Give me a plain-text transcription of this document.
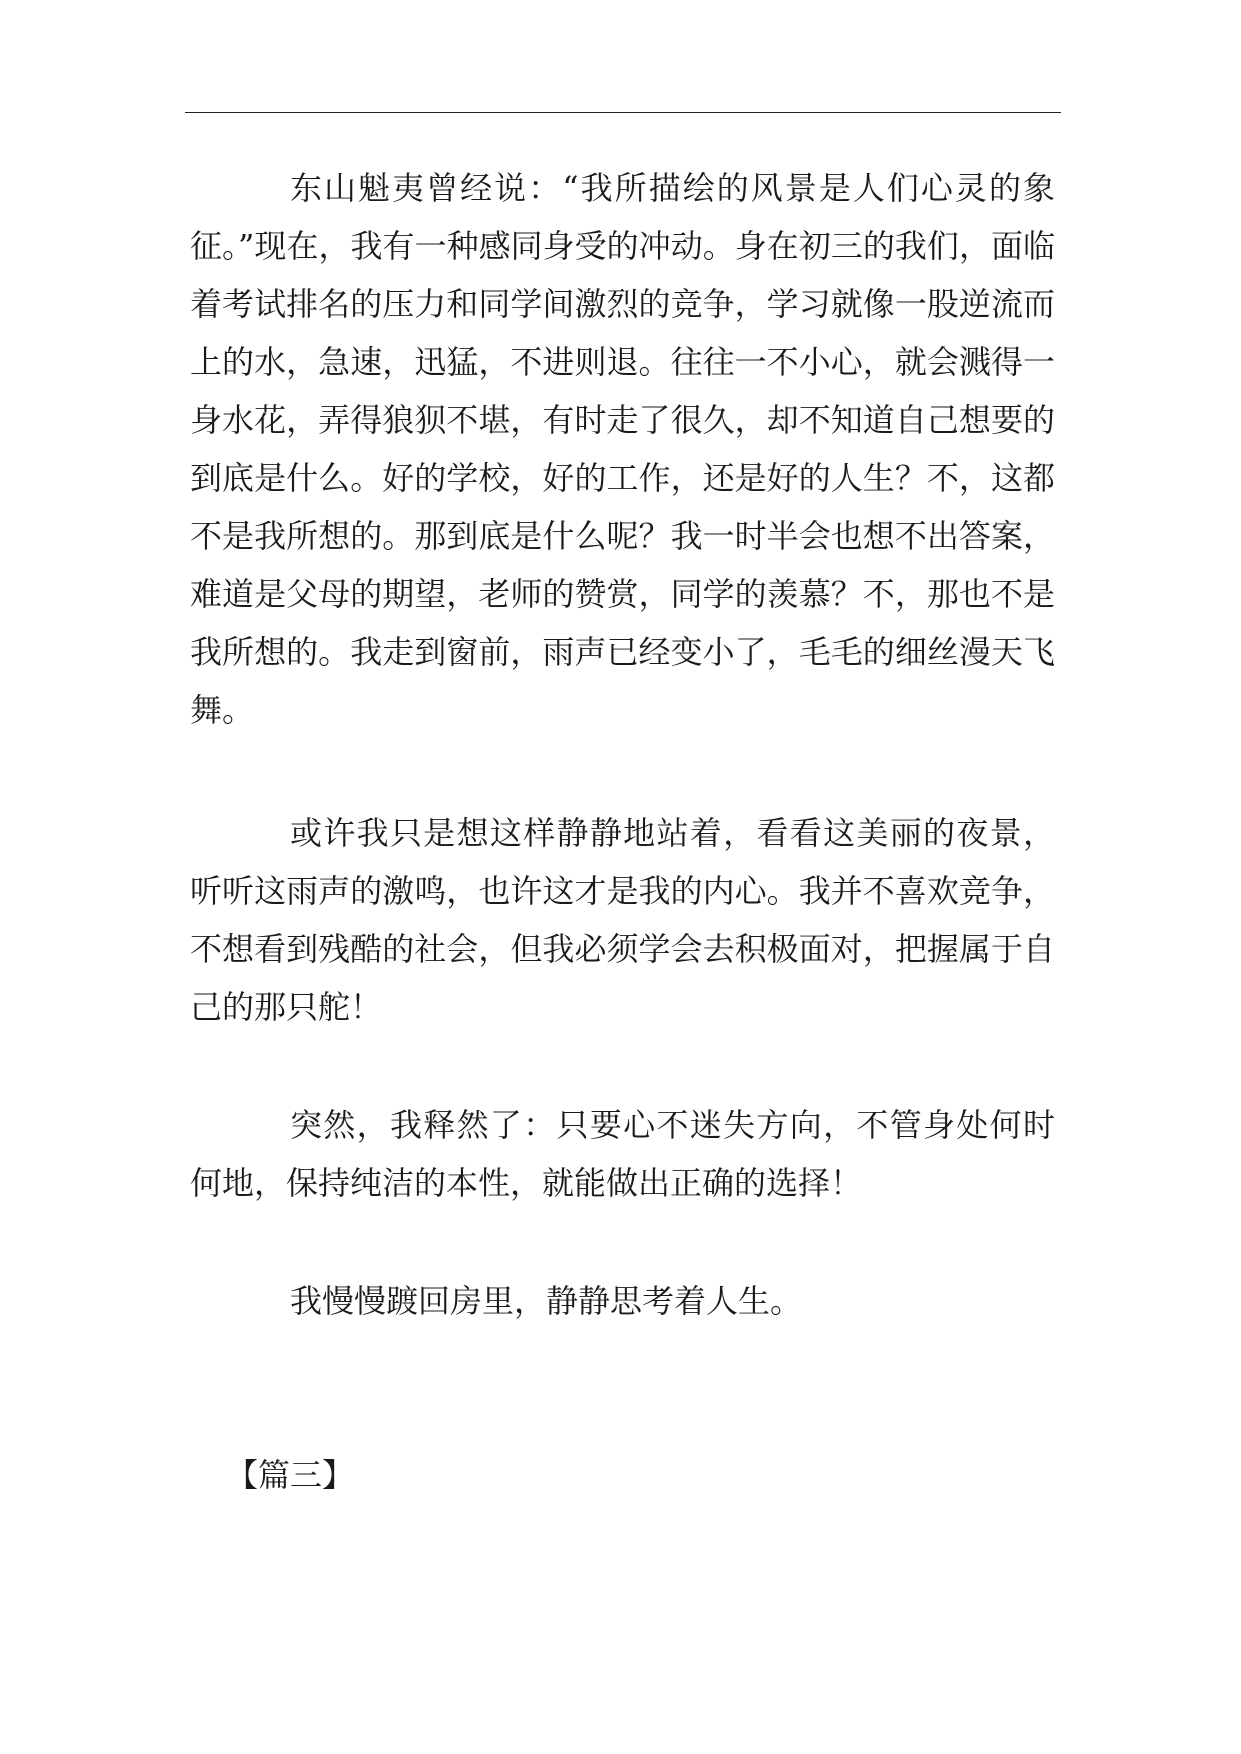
东山魁夷曾经说：“我所描绘的风景是人们心灵的象征。”现在，我有一种感同身受的冲动。身在初三的我们，面临着考试排名的压力和同学间激烈的竞争，学习就像一股逆流而上的水，急速，迅猛，不进则退。往往一不小心，就会溅得一身水花，弄得狼狈不堪，有时走了很久，却不知道自己想要的到底是什么。好的学校，好的工作，还是好的人生？不，这都不是我所想的。那到底是什么呢？我一时半会也想不出答案，难道是父母的期望，老师的赞赏，同学的羡慕？不，那也不是我所想的。我走到窗前，雨声已经变小了，毛毛的细丝漫天飞舞。

或许我只是想这样静静地站着，看看这美丽的夜景，听听这雨声的激鸣，也许这才是我的内心。我并不喜欢竞争，不想看到残酷的社会，但我必须学会去积极面对，把握属于自己的那只舵！

突然，我释然了：只要心不迷失方向，不管身处何时何地，保持纯洁的本性，就能做出正确的选择！

我慢慢踱回房里，静静思考着人生。

【篇三】
